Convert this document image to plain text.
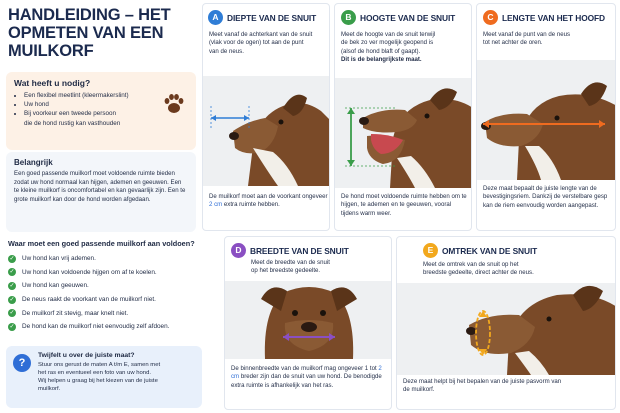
HANDLEIDING – HET OPMETEN VAN EEN MUILKORF
Wat heeft u nodig?
• Een flexibel meetlint (kleermakerslint)
• Uw hond
• Bij voorkeur een tweede persoon
die de hond rustig kan vasthouden
Belangrijk

Een goed passende muilkorf moet voldoende ruimte bieden zodat uw hond normaal kan hijgen, ademen en geeuwen. Een te kleine muilkorf is oncomfortabel en kan gevaarlijk zijn. Een te grote muilkorf kan door de hond worden afgedaan.

Waar moet een goed passende muilkorf aan voldoen?
✓ Uw hond kan vrij ademen.
✓ Uw hond kan voldoende hijgen om af te koelen.
✓ Uw hond kan geeuwen.
✓ De neus raakt de voorkant van de muilkorf niet.
✓ De muilkorf zit stevig, maar knelt niet.
✓ De hond kan de muilkorf niet eenvoudig zelf afdoen.
?
Twijfelt u over de juiste maat?

Stuur ons gerust de maten A t/m E, samen met
het ras en eventueel een foto van uw hond.
Wij helpen u graag bij het kiezen van de juiste
muilkorf.

A	DIEPTE VAN DE SNUIT
Meet vanaf de achterkant van de snuit
(vlak voor de ogen) tot aan de punt
van de neus.
De muilkorf moet aan de voorkant ongeveer 2 cm extra ruimte hebben.
B	HOOGTE VAN DE SNUIT
Meet de hoogte van de snuit terwijl
de bek zo ver mogelijk geopend is
(alsof de hond blaft of gaapt).
Dit is de belangrijkste maat.
De hond moet voldoende ruimte hebben om te hijgen, te ademen en te geeuwen, vooral tijdens warm weer.
C	LENGTE VAN HET HOOFD
Meet vanaf de punt van de neus
tot net achter de oren.
Deze maat bepaalt de juiste lengte van de bevestigingsriem. Dankzij de verstelbare gesp kan de riem eenvoudig worden aangepast.
D	BREEDTE VAN DE SNUIT
Meet de breedte van de snuit
op het breedste gedeelte.
De binnenbreedte van de muilkorf mag ongeveer 1 tot 2 cm breder zijn dan de snuit van uw hond. De benodigde extra ruimte is afhankelijk van het ras.
E	OMTREK VAN DE SNUIT
Meet de omtrek van de snuit op het
breedste gedeelte, direct achter de neus.
Deze maat helpt bij het bepalen van de juiste pasvorm van de muilkorf.
